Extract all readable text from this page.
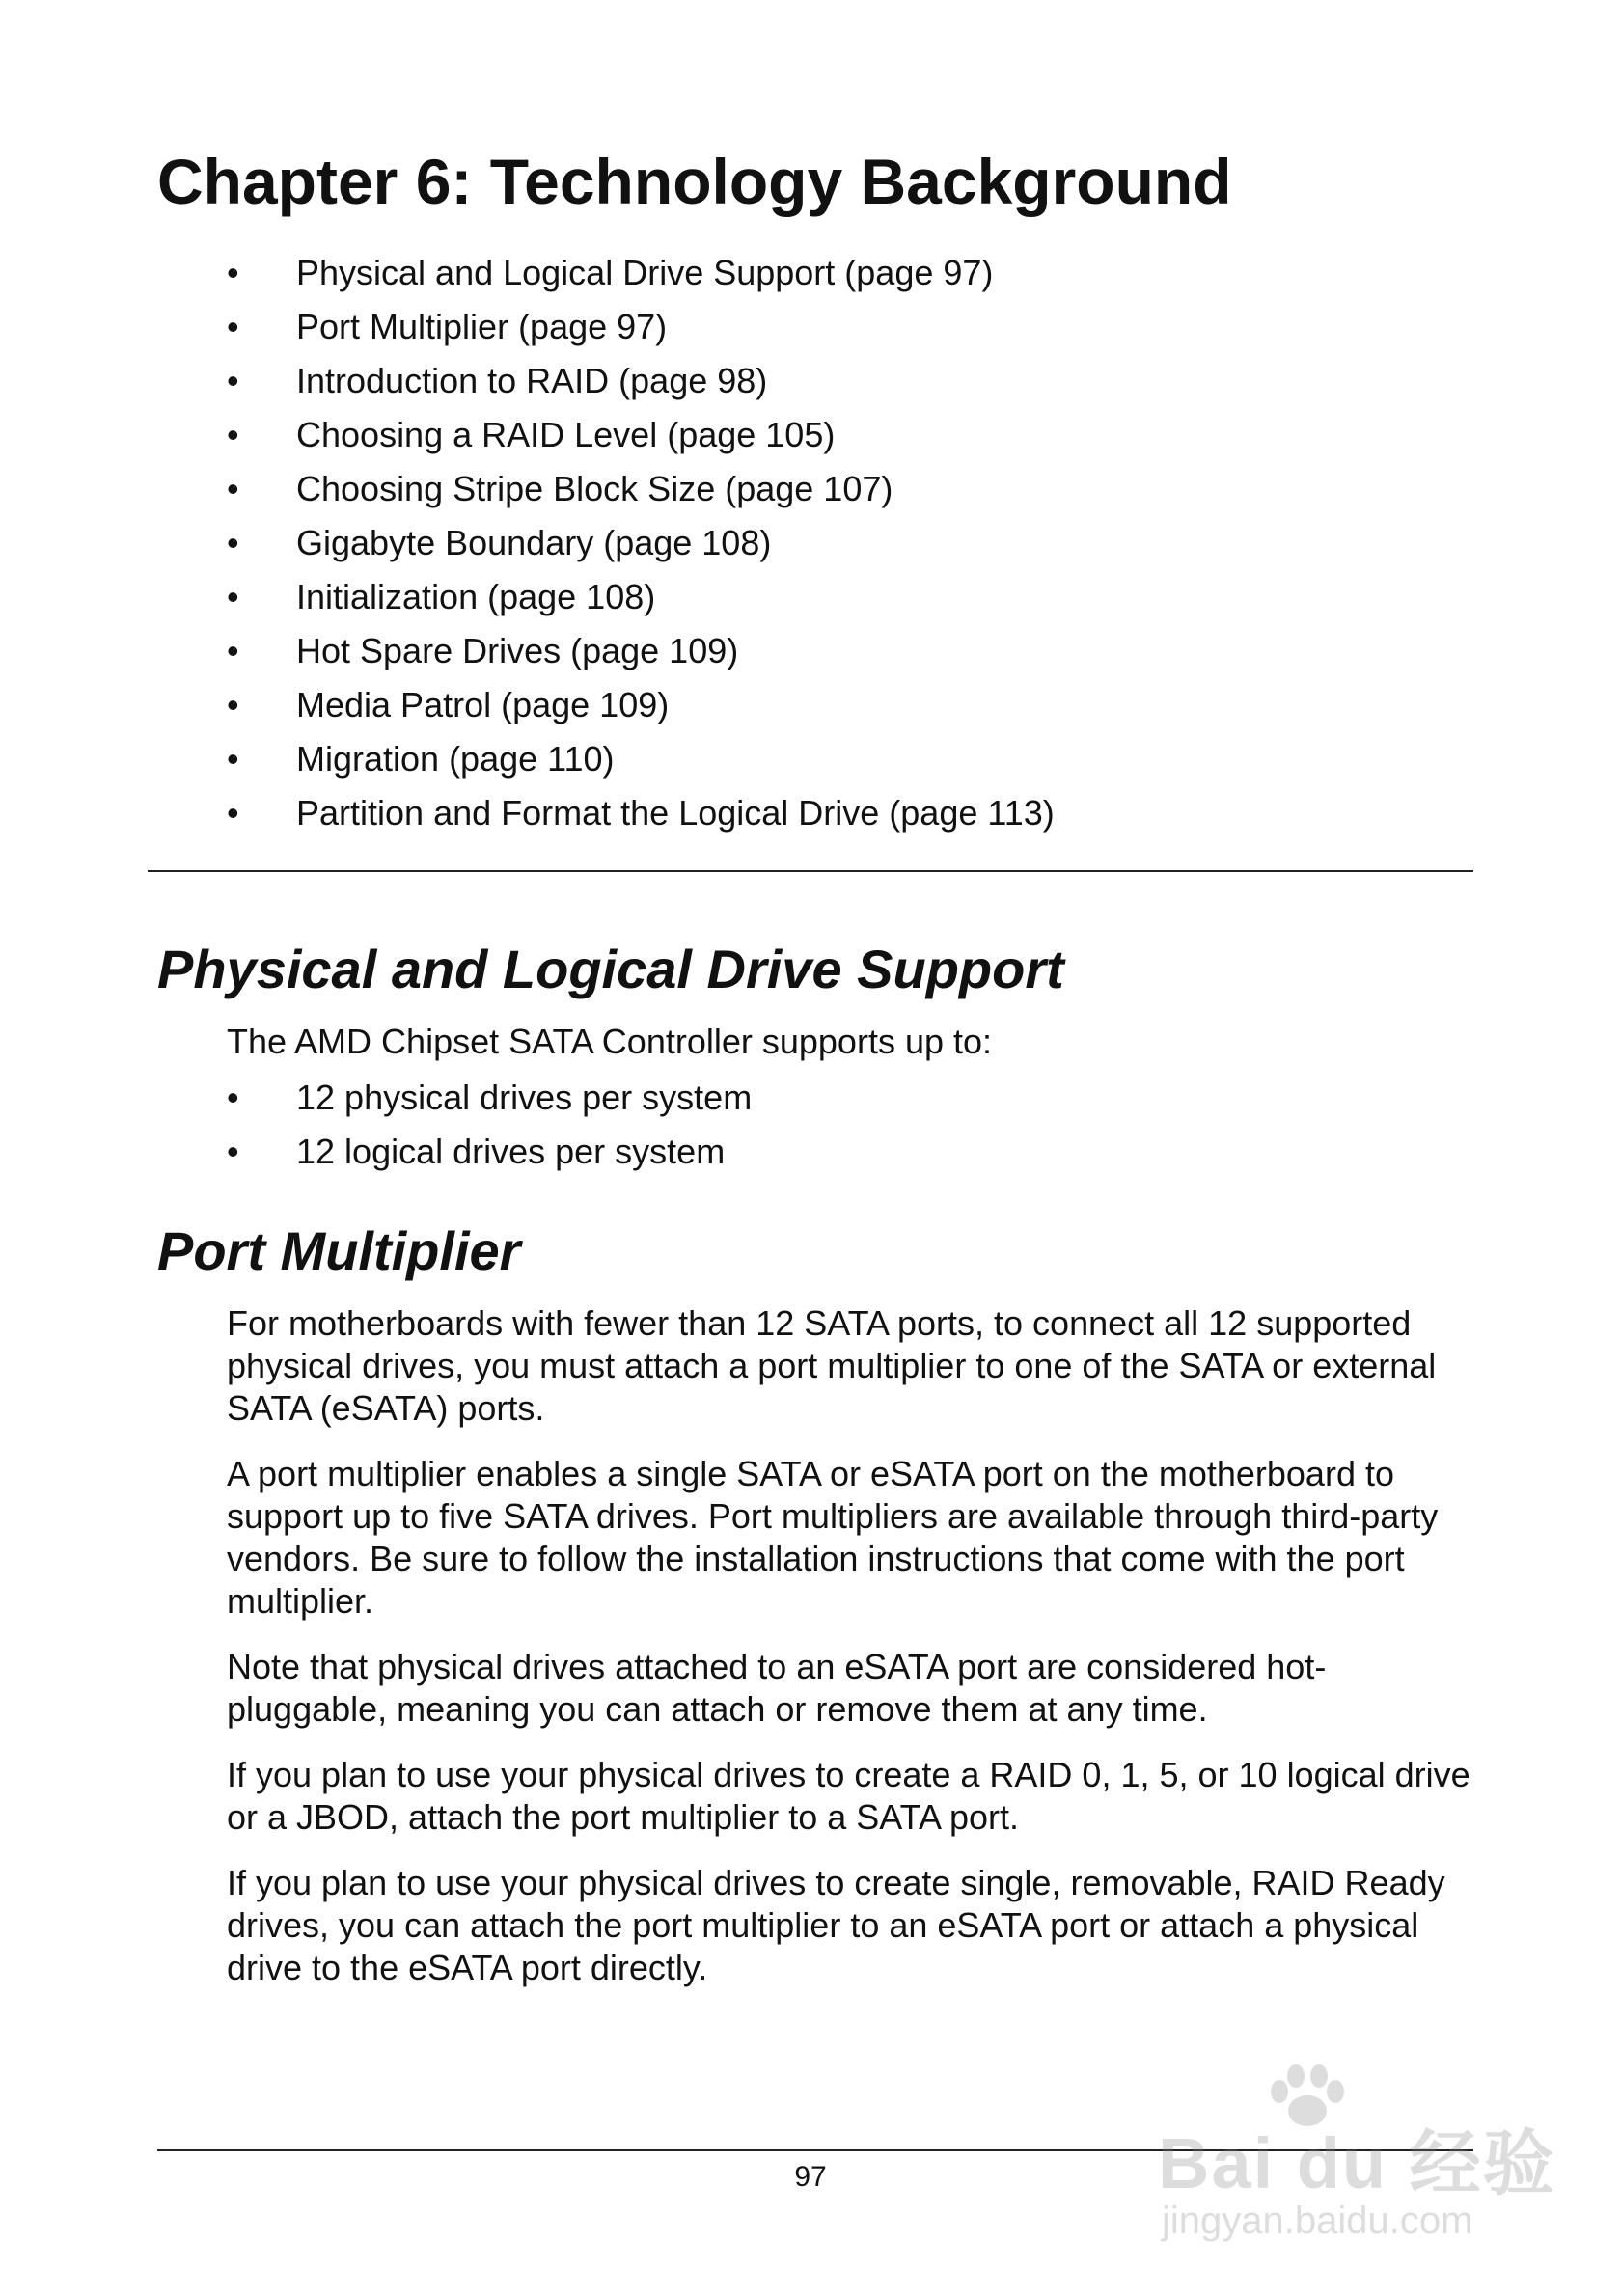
Chapter 6: Technology Background
•	Physical and Logical Drive Support (page 97)
•	Port Multiplier (page 97)
•	Introduction to RAID (page 98)
•	Choosing a RAID Level (page 105)
•	Choosing Stripe Block Size (page 107)
•	Gigabyte Boundary (page 108)
•	Initialization (page 108)
•	Hot Spare Drives (page 109)
•	Media Patrol (page 109)
•	Migration (page 110)
•	Partition and Format the Logical Drive (page 113)
Physical and Logical Drive Support

The AMD Chipset SATA Controller supports up to:

•	12 physical drives per system
•	12 logical drives per system
Port Multiplier

For motherboards with fewer than 12 SATA ports, to connect all 12 supported physical drives, you must attach a port multiplier to one of the SATA or external SATA (eSATA) ports.

A port multiplier enables a single SATA or eSATA port on the motherboard to support up to five SATA drives. Port multipliers are available through third-party vendors. Be sure to follow the installation instructions that come with the port multiplier.

Note that physical drives attached to an eSATA port are considered hot-pluggable, meaning you can attach or remove them at any time.

If you plan to use your physical drives to create a RAID 0, 1, 5, or 10 logical drive or a JBOD, attach the port multiplier to a SATA port.

If you plan to use your physical drives to create single, removable, RAID Ready drives, you can attach the port multiplier to an eSATA port or attach a physical drive to the eSATA port directly.

97	Bai du 经验
jingyan.baidu.com
